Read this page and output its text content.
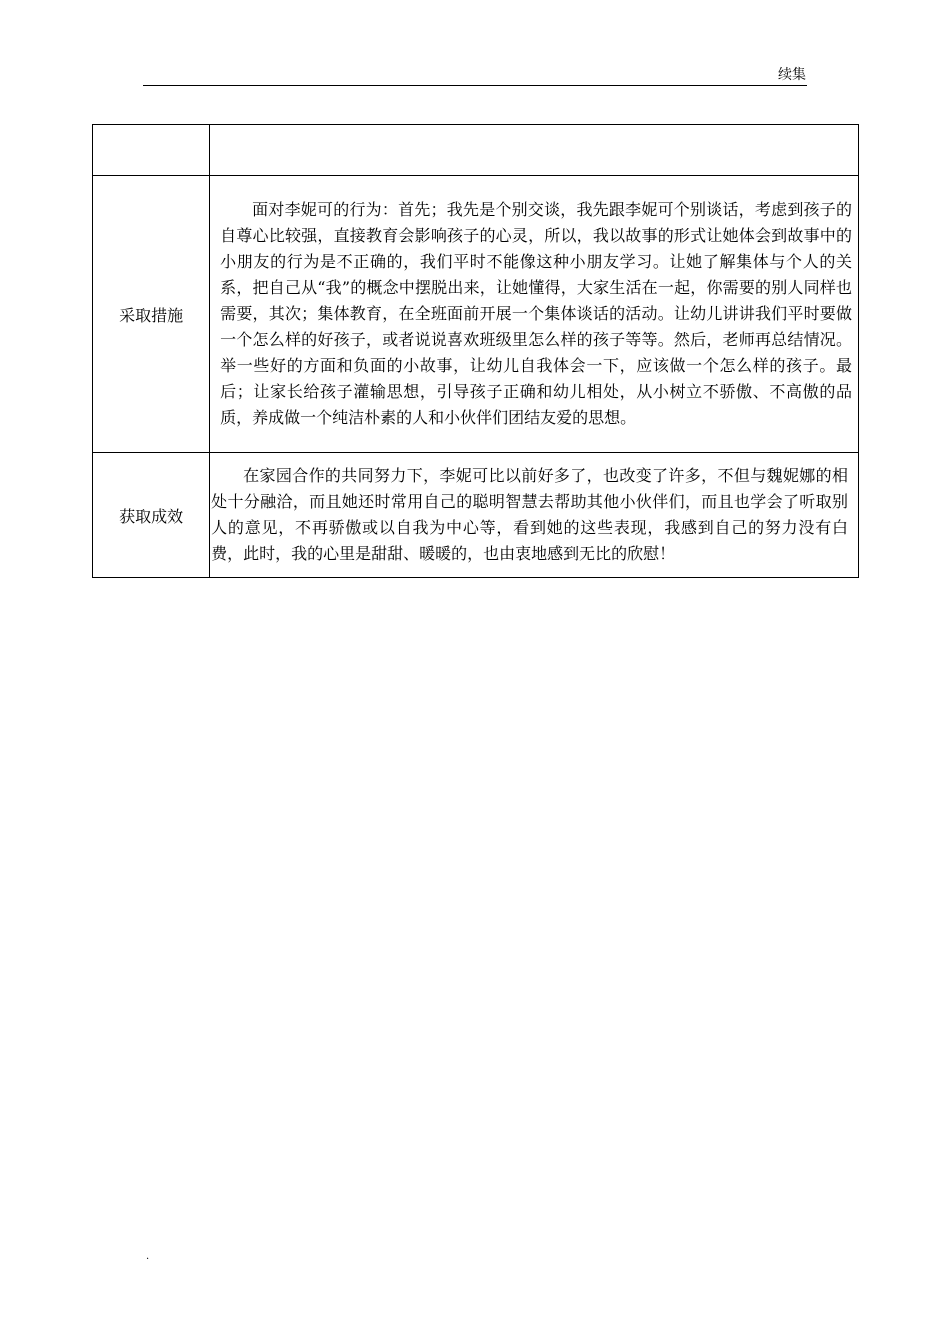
续集

采取措施	面对李妮可的行为：首先；我先是个别交谈，我先跟李妮可个别谈话，考虑到孩子的自尊心比较强，直接教育会影响孩子的心灵，所以，我以故事的形式让她体会到故事中的小朋友的行为是不正确的，我们平时不能像这种小朋友学习。让她了解集体与个人的关系，把自己从“我”的概念中摆脱出来，让她懂得，大家生活在一起，你需要的别人同样也需要，其次；集体教育，在全班面前开展一个集体谈话的活动。让幼儿讲讲我们平时要做一个怎么样的好孩子，或者说说喜欢班级里怎么样的孩子等等。然后，老师再总结情况。举一些好的方面和负面的小故事，让幼儿自我体会一下，应该做一个怎么样的孩子。最后；让家长给孩子灌输思想，引导孩子正确和幼儿相处，从小树立不骄傲、不高傲的品质，养成做一个纯洁朴素的人和小伙伴们团结友爱的思想。

获取成效	在家园合作的共同努力下，李妮可比以前好多了，也改变了许多，不但与魏妮娜的相处十分融洽，而且她还时常用自己的聪明智慧去帮助其他小伙伴们，而且也学会了听取别人的意见，不再骄傲或以自我为中心等，看到她的这些表现，我感到自己的努力没有白费，此时，我的心里是甜甜、暖暖的，也由衷地感到无比的欣慰！

.
